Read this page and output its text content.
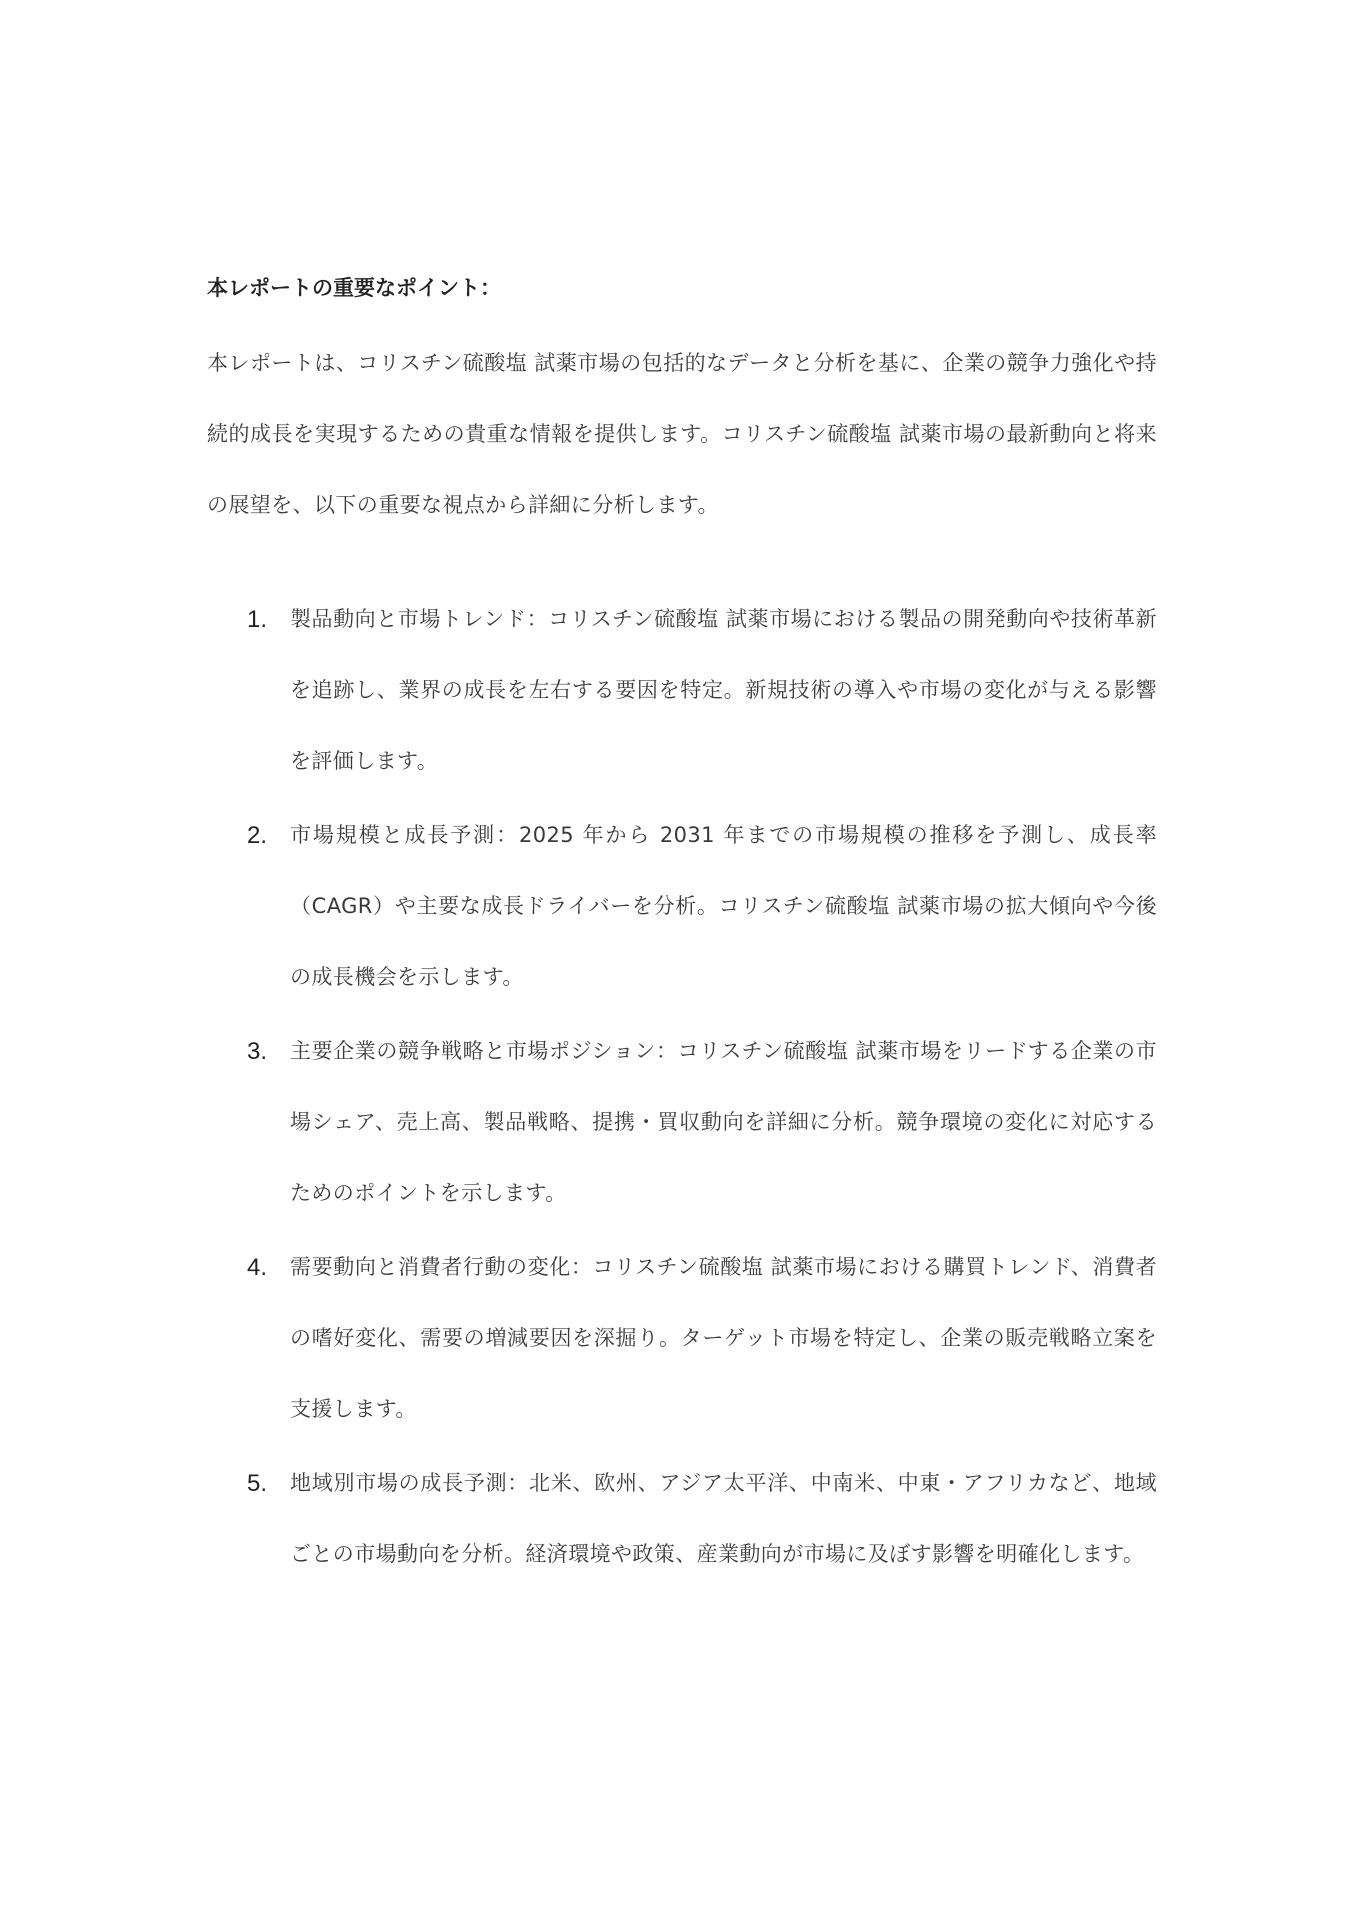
本レポートの重要なポイント：

本レポートは、コリスチン硫酸塩 試薬市場の包括的なデータと分析を基に、企業の競争力強化や持続的成長を実現するための貴重な情報を提供します。コリスチン硫酸塩 試薬市場の最新動向と将来の展望を、以下の重要な視点から詳細に分析します。

1. 製品動向と市場トレンド：コリスチン硫酸塩 試薬市場における製品の開発動向や技術革新を追跡し、業界の成長を左右する要因を特定。新規技術の導入や市場の変化が与える影響を評価します。

2. 市場規模と成長予測：2025 年から 2031 年までの市場規模の推移を予測し、成長率（CAGR）や主要な成長ドライバーを分析。コリスチン硫酸塩 試薬市場の拡大傾向や今後の成長機会を示します。

3. 主要企業の競争戦略と市場ポジション：コリスチン硫酸塩 試薬市場をリードする企業の市場シェア、売上高、製品戦略、提携・買収動向を詳細に分析。競争環境の変化に対応するためのポイントを示します。

4. 需要動向と消費者行動の変化：コリスチン硫酸塩 試薬市場における購買トレンド、消費者の嗜好変化、需要の増減要因を深掘り。ターゲット市場を特定し、企業の販売戦略立案を支援します。

5. 地域別市場の成長予測：北米、欧州、アジア太平洋、中南米、中東・アフリカなど、地域ごとの市場動向を分析。経済環境や政策、産業動向が市場に及ぼす影響を明確化します。
